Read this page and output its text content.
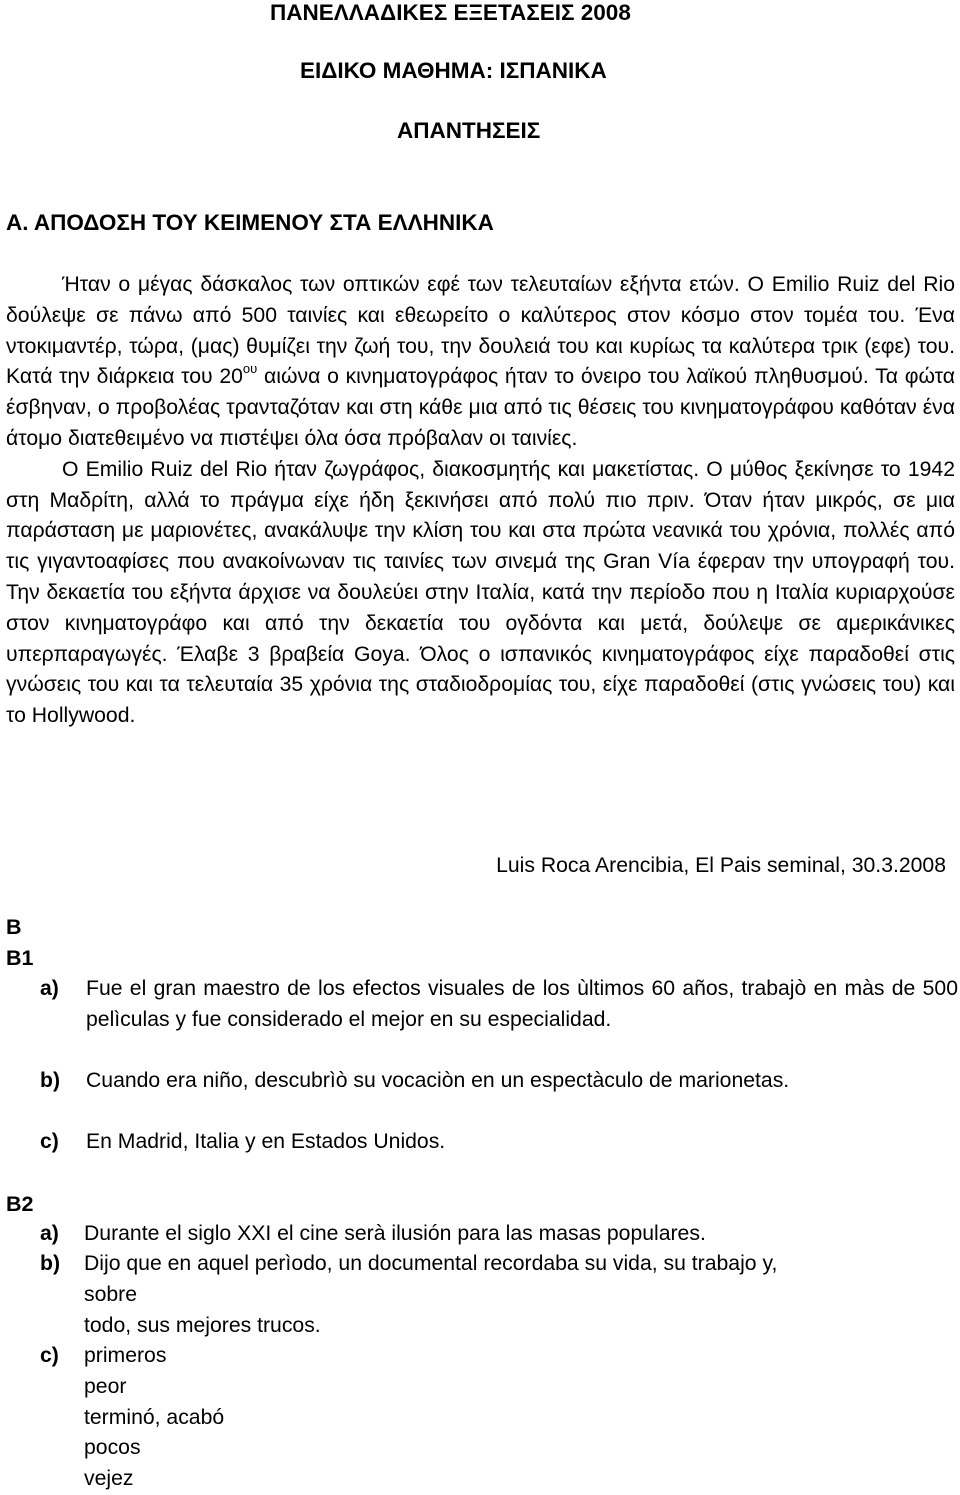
ΠΑΝΕΛΛΑΔΙΚΕΣ ΕΞΕΤΑΣΕΙΣ 2008
ΕΙΔΙΚΟ ΜΑΘΗΜΑ: ΙΣΠΑΝΙΚΑ
ΑΠΑΝΤΗΣΕΙΣ
Α. ΑΠΟΔΟΣΗ ΤΟΥ ΚΕΙΜΕΝΟΥ ΣΤΑ ΕΛΛΗΝΙΚΑ

Ήταν ο μέγας δάσκαλος των οπτικών εφέ των τελευταίων εξήντα ετών. Ο Emilio Ruiz del Rio δούλεψε σε πάνω από 500 ταινίες και εθεωρείτο ο καλύτερος στον κόσμο στον τομέα του. Ένα ντοκιμαντέρ, τώρα, (μας) θυμίζει την ζωή του, την δουλειά του και κυρίως τα καλύτερα τρικ (εφε) του. Κατά την διάρκεια του $20^{o\upsilon}$ αιώνα ο κινηματογράφος ήταν το όνειρο του λαϊκού πληθυσμού. Τα φώτα έσβηναν, ο προβολέας τρανταζόταν και στη κάθε μια από τις θέσεις του κινηματογράφου καθόταν ένα άτομο διατεθειμένο να πιστέψει όλα όσα πρόβαλαν οι ταινίες.

Ο Emilio Ruiz del Rio ήταν ζωγράφος, διακοσμητής και μακετίστας. Ο μύθος ξεκίνησε το 1942 στη Μαδρίτη, αλλά το πράγμα είχε ήδη ξεκινήσει από πολύ πιο πριν. Όταν ήταν μικρός, σε μια παράσταση με μαριονέτες, ανακάλυψε την κλίση του και στα πρώτα νεανικά του χρόνια, πολλές από τις γιγαντοαφίσες που ανακοίνωναν τις ταινίες των σινεμά της Gran Vía έφεραν την υπογραφή του. Την δεκαετία του εξήντα άρχισε να δουλεύει στην Ιταλία, κατά την περίοδο που η Ιταλία κυριαρχούσε στον κινηματογράφο και από την δεκαετία του ογδόντα και μετά, δούλεψε σε αμερικάνικες υπερπαραγωγές. Έλαβε 3 βραβεία Goya. Όλος ο ισπανικός κινηματογράφος είχε παραδοθεί στις γνώσεις του και τα τελευταία 35 χρόνια της σταδιοδρομίας του, είχε παραδοθεί (στις γνώσεις του) και το Hollywood.

Luis Roca Arencibia, El Pais seminal, 30.3.2008
Β
Β1
a) Fue el gran maestro de los efectos visuales de los ùltimos 60 años, trabajò en màs de 500 pelìculas y fue considerado el mejor en su especialidad.
b) Cuando era niño, descubrìò su vocaciòn en un espectàculo de marionetas.
c) En Madrid, Italia y en Estados Unidos.
Β2
a) Durante el siglo XXI el cine serà ilusión para las masas populares.
b) Dijo que en aquel perìodo, un documental recordaba su vida, su trabajo y,
sobre
todo, sus mejores trucos.
c) primeros
peor
terminó, acabó
pocos
vejez
